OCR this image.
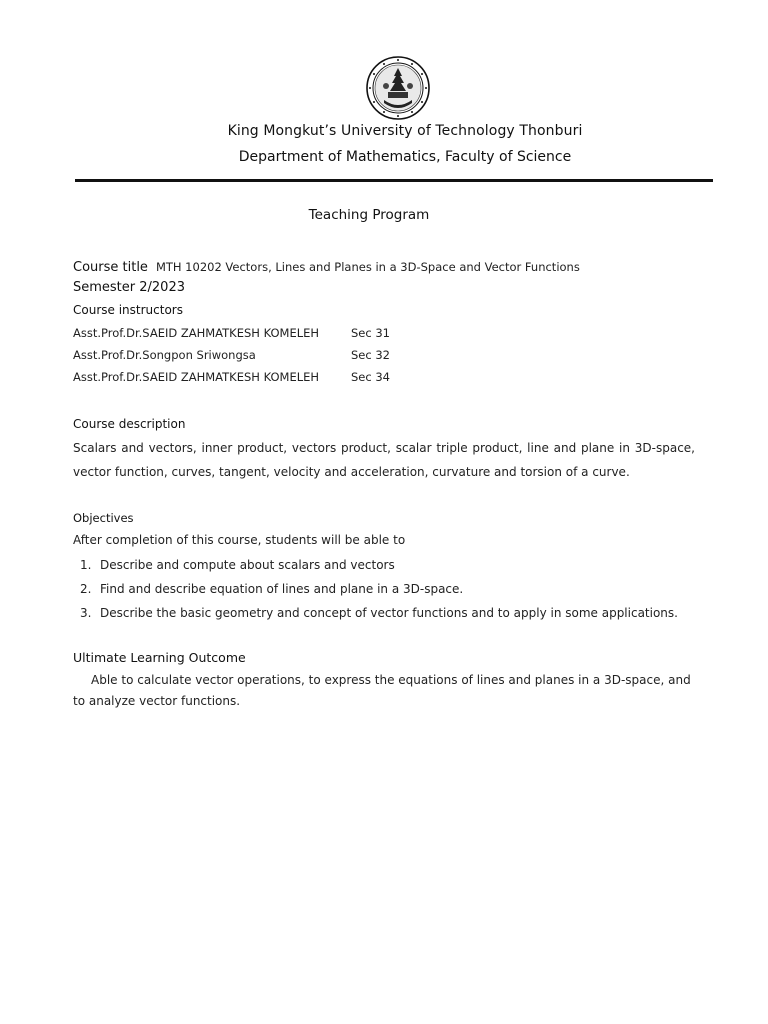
King Mongkut’s University of Technology Thonburi
Department of Mathematics, Faculty of Science
Teaching Program
Course title MTH 10202 Vectors, Lines and Planes in a 3D-Space and Vector Functions
Semester 2/2023
Course instructors
Asst.Prof.Dr.SAEID ZAHMATKESH KOMELEH	Sec 31
Asst.Prof.Dr.Songpon Sriwongsa	Sec 32
Asst.Prof.Dr.SAEID ZAHMATKESH KOMELEH	Sec 34
Course description
Scalars and vectors, inner product, vectors product, scalar triple product, line and plane in 3D-space, vector function, curves, tangent, velocity and acceleration, curvature and torsion of a curve.
Objectives
After completion of this course, students will be able to
1. Describe and compute about scalars and vectors
2. Find and describe equation of lines and plane in a 3D-space.
3. Describe the basic geometry and concept of vector functions and to apply in some applications.
Ultimate Learning Outcome
Able to calculate vector operations, to express the equations of lines and planes in a 3D-space, and to analyze vector functions.
